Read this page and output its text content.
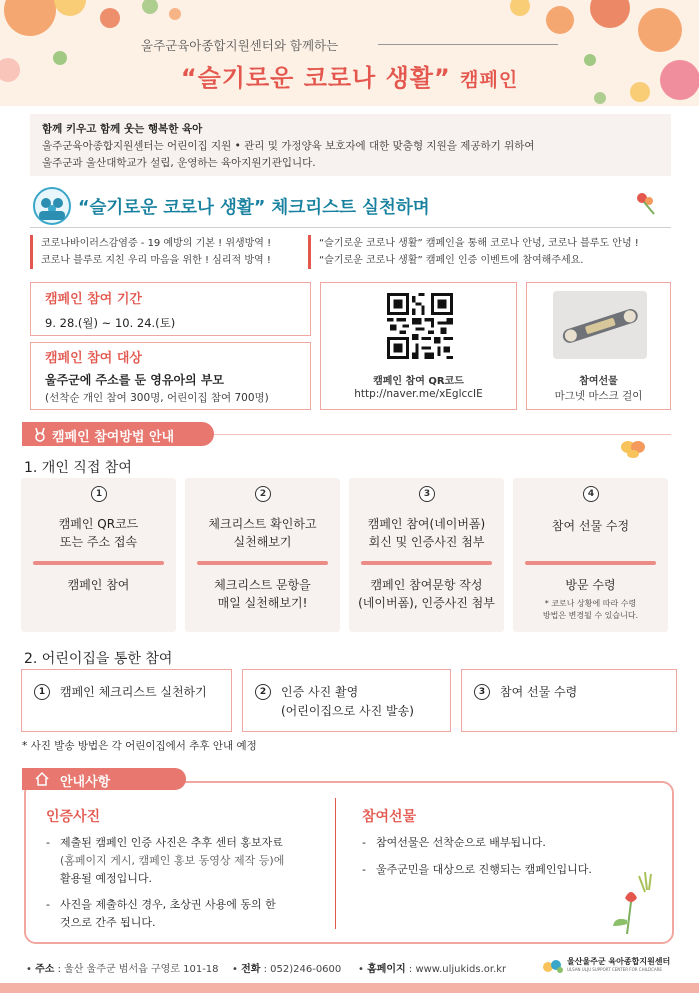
울주군육아종합지원센터와 함께하는
“슬기로운 코로나 생활” 캠페인
함께 키우고 함께 웃는 행복한 육아
울주군육아종합지원센터는 어린이집 지원 • 관리 및 가정양육 보호자에 대한 맞춤형 지원을 제공하기 위하여
울주군과 울산대학교가 설립, 운영하는 육아지원기관입니다.
“슬기로운 코로나 생활” 체크리스트 실천하며
코로나바이러스감염증 - 19 예방의 기본 ! 위생방역 !
코로나 블루로 지친 우리 마음을 위한 ! 심리적 방역 !
“슬기로운 코로나 생활” 캠페인을 통해 코로나 안녕, 코로나 블루도 안녕 !
“슬기로운 코로나 생활” 캠페인 인증 이벤트에 참여해주세요.
캠페인 참여 기간
9. 28.(월) ~ 10. 24.(토)
캠페인 참여 대상
울주군에 주소를 둔 영유아의 부모
(선착순 개인 참여 300명, 어린이집 참여 700명)
캠페인 참여 QR코드
http://naver.me/xEglccIE
참여선물
마그넷 마스크 걸이
캠페인 참여방법 안내
1. 개인 직접 참여
1
캠페인 QR코드
또는 주소 접속
캠페인 참여
2
체크리스트 확인하고
실천해보기
체크리스트 문항을
매일 실천해보기!
3
캠페인 참여(네이버폼)
회신 및 인증사진 첨부
캠페인 참여문항 작성
(네이버폼), 인증사진 첨부
4
참여 선물 수정
방문 수령
* 코로나 상황에 따라 수령
방법은 변경될 수 있습니다.
2. 어린이집을 통한 참여
1	캠페인 체크리스트 실천하기	2	인증 사진 촬영
(어린이집으로 사진 발송)
3	참여 선물 수령
* 사진 발송 방법은 각 어린이집에서 추후 안내 예정
안내사항
인증사진
- 제출된 캠페인 인증 사진은 추후 센터 홍보자료
(홈페이지 게시, 캠페인 홍보 동영상 제작 등)에
활용될 예정입니다.
- 사진을 제출하신 경우, 초상권 사용에 동의 한
것으로 간주 됩니다.
참여선물
- 참여선물은 선착순으로 배부됩니다.
- 울주군민을 대상으로 진행되는 캠페인입니다.
• 주소 : 울산 울주군 범서읍 구영로 101-18 • 전화 : 052)246-0600 • 홈페이지 : www.uljukids.or.kr
울산울주군 육아종합지원센터
ULSAN ULJU SUPPORT CENTER FOR CHILDCARE
